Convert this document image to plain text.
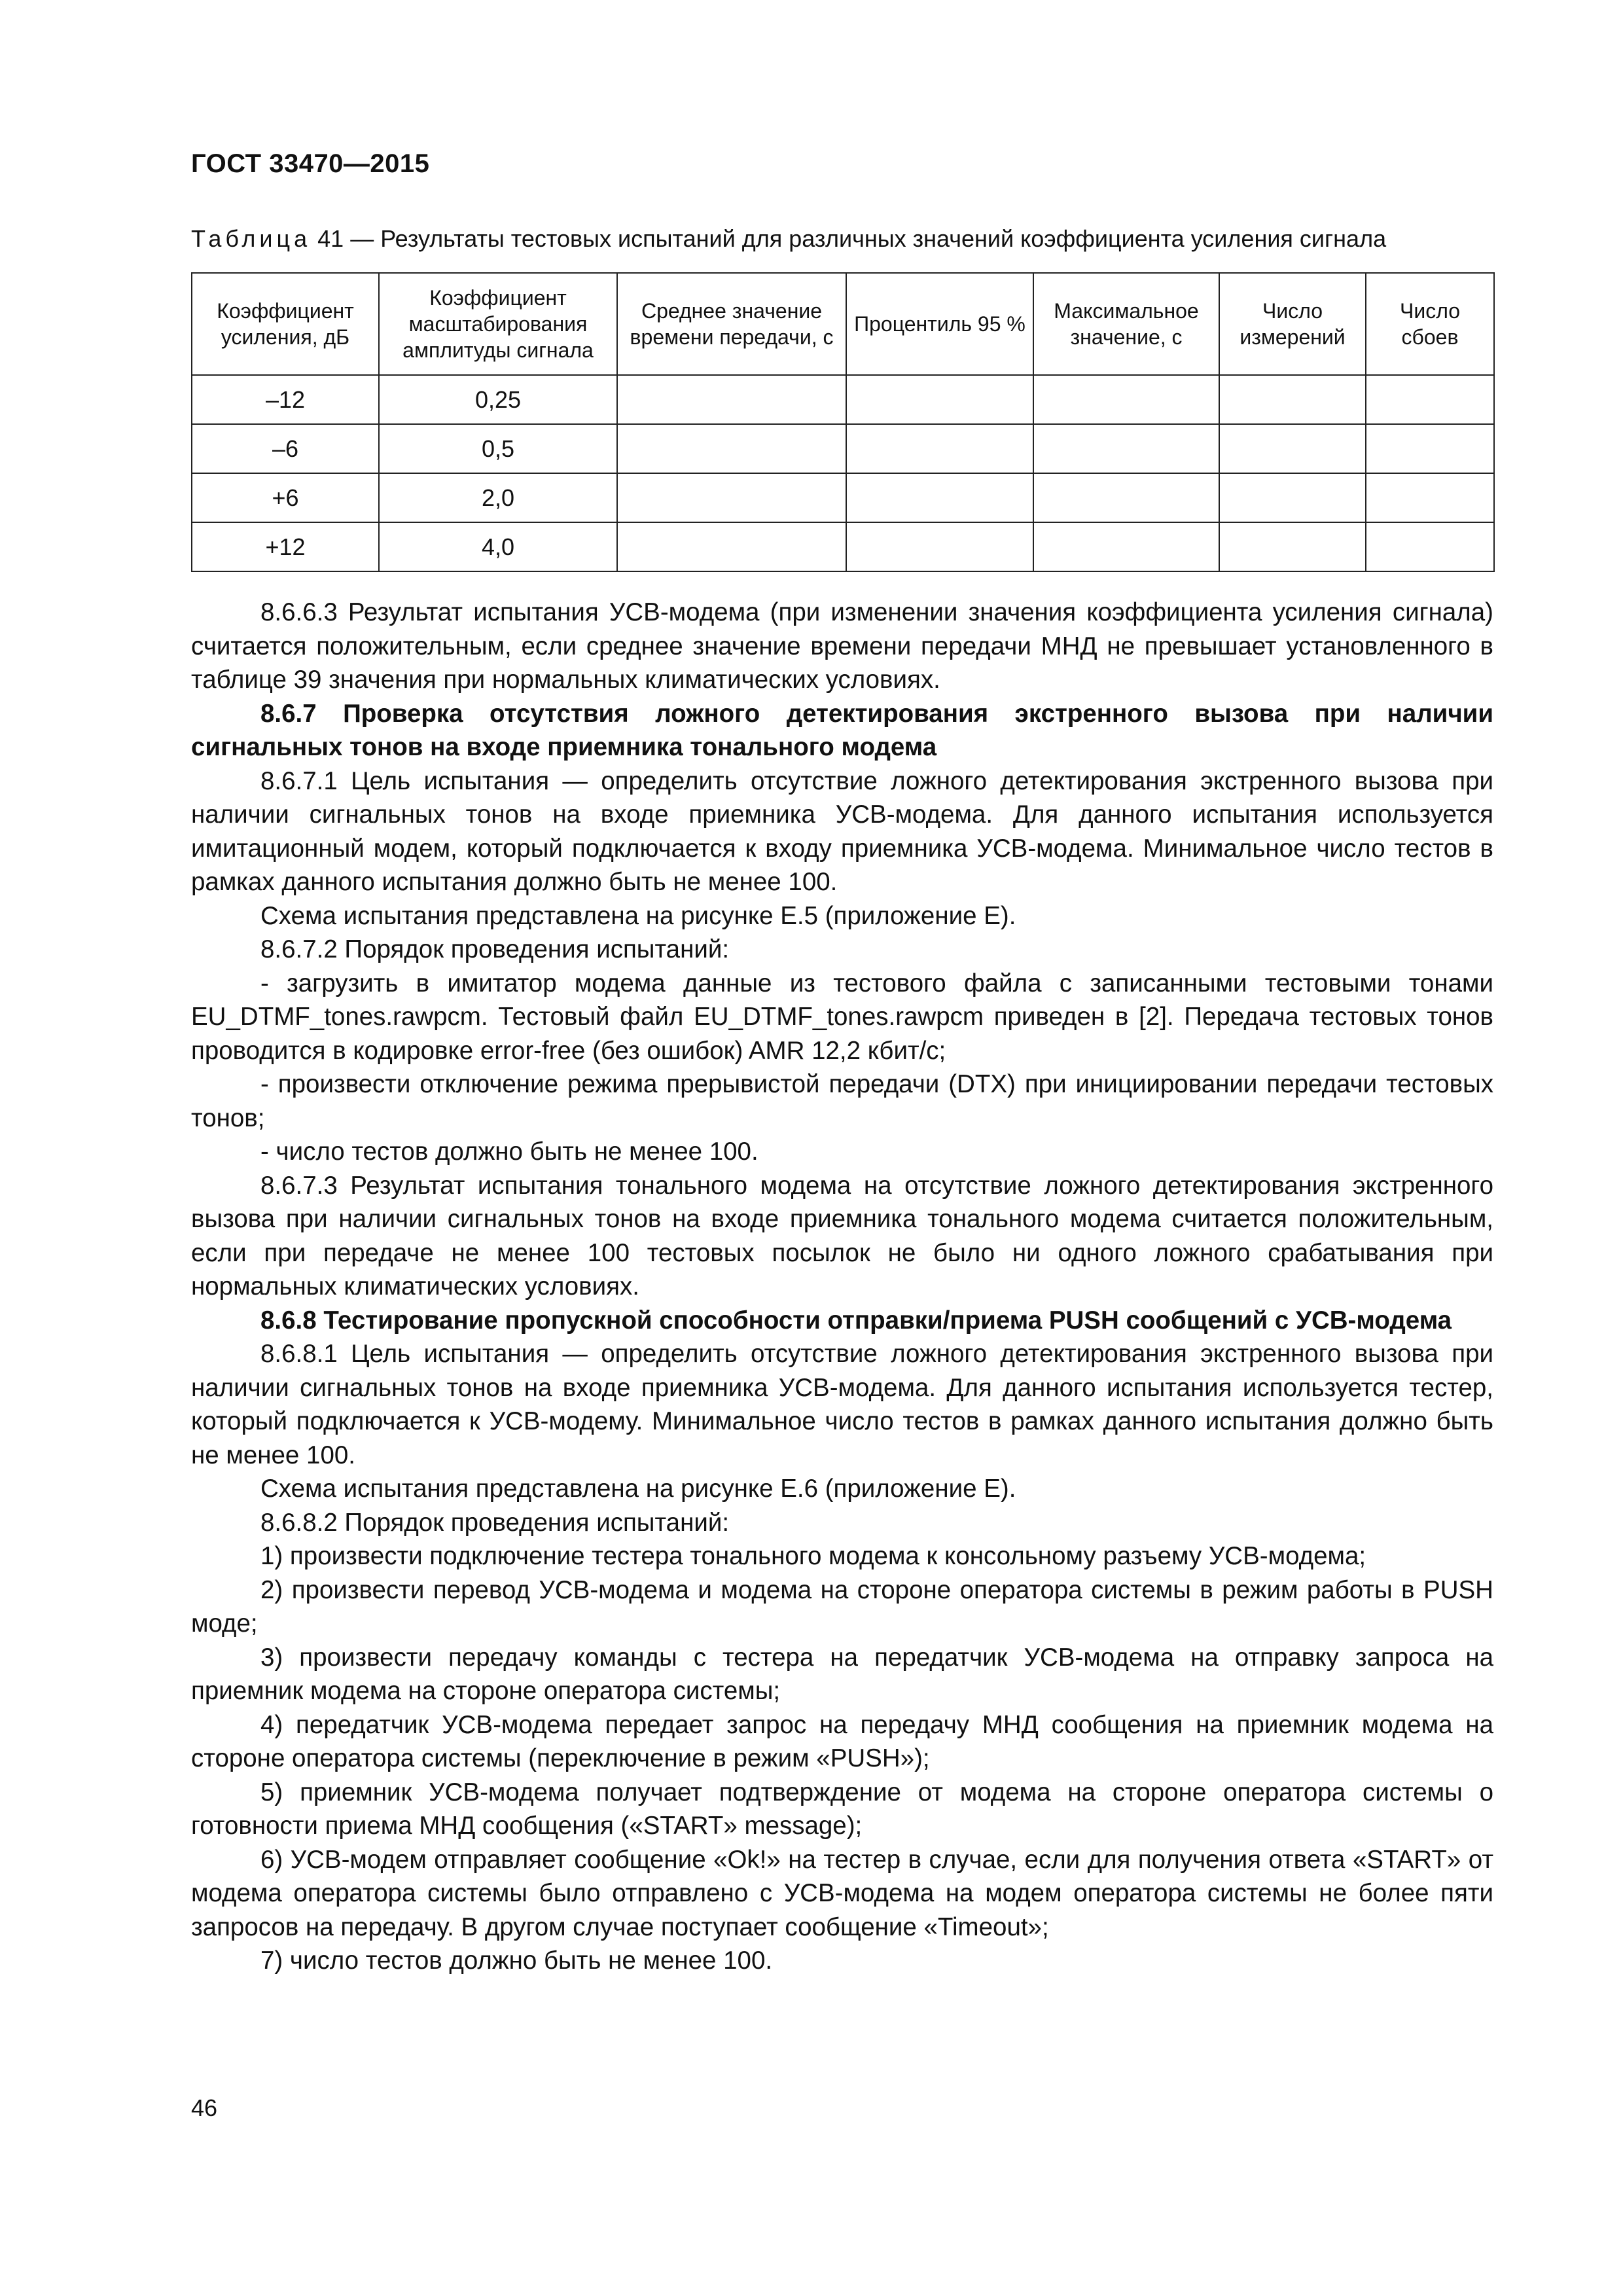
ГОСТ 33470—2015
Таблица 41 — Результаты тестовых испытаний для различных значений коэффициента усиления сигнала
Коэффициент усиления, дБ	Коэффициент масштабирования амплитуды сигнала	Среднее значение времени передачи, с	Процентиль 95 %	Максимальное значение, с	Число измерений	Число сбоев
–12	0,25					
–6	0,5					
+6	2,0					
+12	4,0					

8.6.6.3 Результат испытания УСВ-модема (при изменении значения коэффициента усиления сигнала) считается положительным, если среднее значение времени передачи МНД не превышает установленного в таблице 39 значения при нормальных климатических условиях.

8.6.7 Проверка отсутствия ложного детектирования экстренного вызова при наличии сигнальных тонов на входе приемника тонального модема

8.6.7.1 Цель испытания — определить отсутствие ложного детектирования экстренного вызова при наличии сигнальных тонов на входе приемника УСВ-модема. Для данного испытания используется имитационный модем, который подключается к входу приемника УСВ-модема. Минимальное число тестов в рамках данного испытания должно быть не менее 100.

Схема испытания представлена на рисунке Е.5 (приложение Е).

8.6.7.2 Порядок проведения испытаний:

- загрузить в имитатор модема данные из тестового файла с записанными тестовыми тонами EU_DTMF_tones.rawpcm. Тестовый файл EU_DTMF_tones.rawpcm приведен в [2]. Передача тестовых тонов проводится в кодировке error-free (без ошибок) AMR 12,2 кбит/с;

- произвести отключение режима прерывистой передачи (DTX) при инициировании передачи тестовых тонов;

- число тестов должно быть не менее 100.

8.6.7.3 Результат испытания тонального модема на отсутствие ложного детектирования экстренного вызова при наличии сигнальных тонов на входе приемника тонального модема считается положительным, если при передаче не менее 100 тестовых посылок не было ни одного ложного срабатывания при нормальных климатических условиях.

8.6.8 Тестирование пропускной способности отправки/приема PUSH сообщений с УСВ-модема

8.6.8.1 Цель испытания — определить отсутствие ложного детектирования экстренного вызова при наличии сигнальных тонов на входе приемника УСВ-модема. Для данного испытания используется тестер, который подключается к УСВ-модему. Минимальное число тестов в рамках данного испытания должно быть не менее 100.

Схема испытания представлена на рисунке Е.6 (приложение Е).

8.6.8.2 Порядок проведения испытаний:

1) произвести подключение тестера тонального модема к консольному разъему УСВ-модема;

2) произвести перевод УСВ-модема и модема на стороне оператора системы в режим работы в PUSH моде;

3) произвести передачу команды с тестера на передатчик УСВ-модема на отправку запроса на приемник модема на стороне оператора системы;

4) передатчик УСВ-модема передает запрос на передачу МНД сообщения на приемник модема на стороне оператора системы (переключение в режим «PUSH»);

5) приемник УСВ-модема получает подтверждение от модема на стороне оператора системы о готовности приема МНД сообщения («START» message);

6) УСВ-модем отправляет сообщение «Ok!» на тестер в случае, если для получения ответа «START» от модема оператора системы было отправлено с УСВ-модема на модем оператора системы не более пяти запросов на передачу. В другом случае поступает сообщение «Timeout»;

7) число тестов должно быть не менее 100.

46
